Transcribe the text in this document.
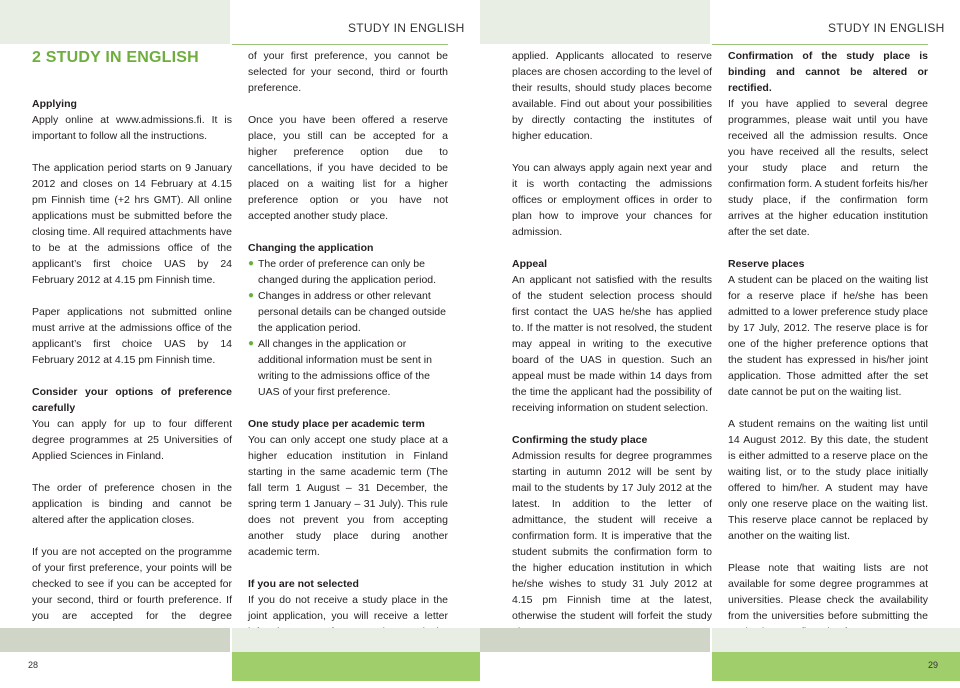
STUDY IN ENGLISH	STUDY IN ENGLISH
2 STUDY IN ENGLISH
Applying

Apply online at www.admissions.fi. It is important to follow all the instructions.

The application period starts on 9 January 2012 and closes on 14 February at 4.15 pm Finnish time (+2 hrs GMT). All online applications must be submitted before the closing time. All required attachments have to be at the admissions office of the applicant’s first choice UAS by 24 February 2012 at 4.15 pm Finnish time.

Paper applications not submitted online must arrive at the admissions office of the applicant’s first choice UAS by 14 February 2012 at 4.15 pm Finnish time.

Consider your options of preference carefully

You can apply for up to four different degree programmes at 25 Universities of Applied Sciences in Finland.

The order of preference chosen in the application is binding and cannot be altered after the application closes.

If you are not accepted on the programme of your first preference, your points will be checked to see if you can be accepted for your second, third or fourth preference. If you are accepted for the degree

of your first preference, you cannot be selected for your second, third or fourth preference.

Once you have been offered a reserve place, you still can be accepted for a higher preference option due to cancellations, if you have decided to be placed on a waiting list for a higher preference option or you have not accepted another study place.

Changing the application
● The order of preference can only be changed during the application period.
● Changes in address or other relevant personal details can be changed outside the application period.
● All changes in the application or additional information must be sent in writing to the admissions office of the UAS of your first preference.
One study place per academic term

You can only accept one study place at a higher education institution in Finland starting in the same academic term (The fall term 1 August – 31 December, the spring term 1 January – 31 July). This rule does not prevent you from accepting another study place during another academic term.

If you are not selected

If you do not receive a study place in the joint application, you will receive a letter

applied. Applicants allocated to reserve places are chosen according to the level of their results, should study places become available. Find out about your possibilities by directly contacting the institutes of higher education.

You can always apply again next year and it is worth contacting the admissions offices or employment offices in order to plan how to improve your chances for admission.

Appeal

An applicant not satisfied with the results of the student selection process should first contact the UAS he/she has applied to. If the matter is not resolved, the student may appeal in writing to the executive board of the UAS in question. Such an appeal must be made within 14 days from the time the applicant had the possibility of receiving information on student selection.

Confirming the study place

Admission results for degree programmes starting in autumn 2012 will be sent by mail to the students by 17 July 2012 at the latest. In addition to the letter of admittance, the student will receive a confirmation form. It is imperative that the student submits the confirmation form to the higher education institution in which he/she wishes to study 31 July 2012 at 4.15 pm Finnish time at the latest, otherwise the student will forfeit the study

Confirmation of the study place is binding and cannot be altered or rectified.

If you have applied to several degree programmes, please wait until you have received all the admission results. Once you have received all the results, select your study place and return the confirmation form. A student forfeits his/her study place, if the confirmation form arrives at the higher education institution after the set date.

Reserve places

A student can be placed on the waiting list for a reserve place if he/she has been admitted to a lower preference study place by 17 July, 2012. The reserve place is for one of the higher preference options that the student has expressed in his/her joint application. Those admitted after the set date cannot be put on the waiting list.

A student remains on the waiting list until 14 August 2012. By this date, the student is either admitted to a reserve place on the waiting list, or to the study place initially offered to him/her. A student may have only one reserve place on the waiting list. This reserve place cannot be replaced by another on the waiting list.

Please note that waiting lists are not available for some degree programmes at universities. Please check the availability from the universities before submitting the

28	29
